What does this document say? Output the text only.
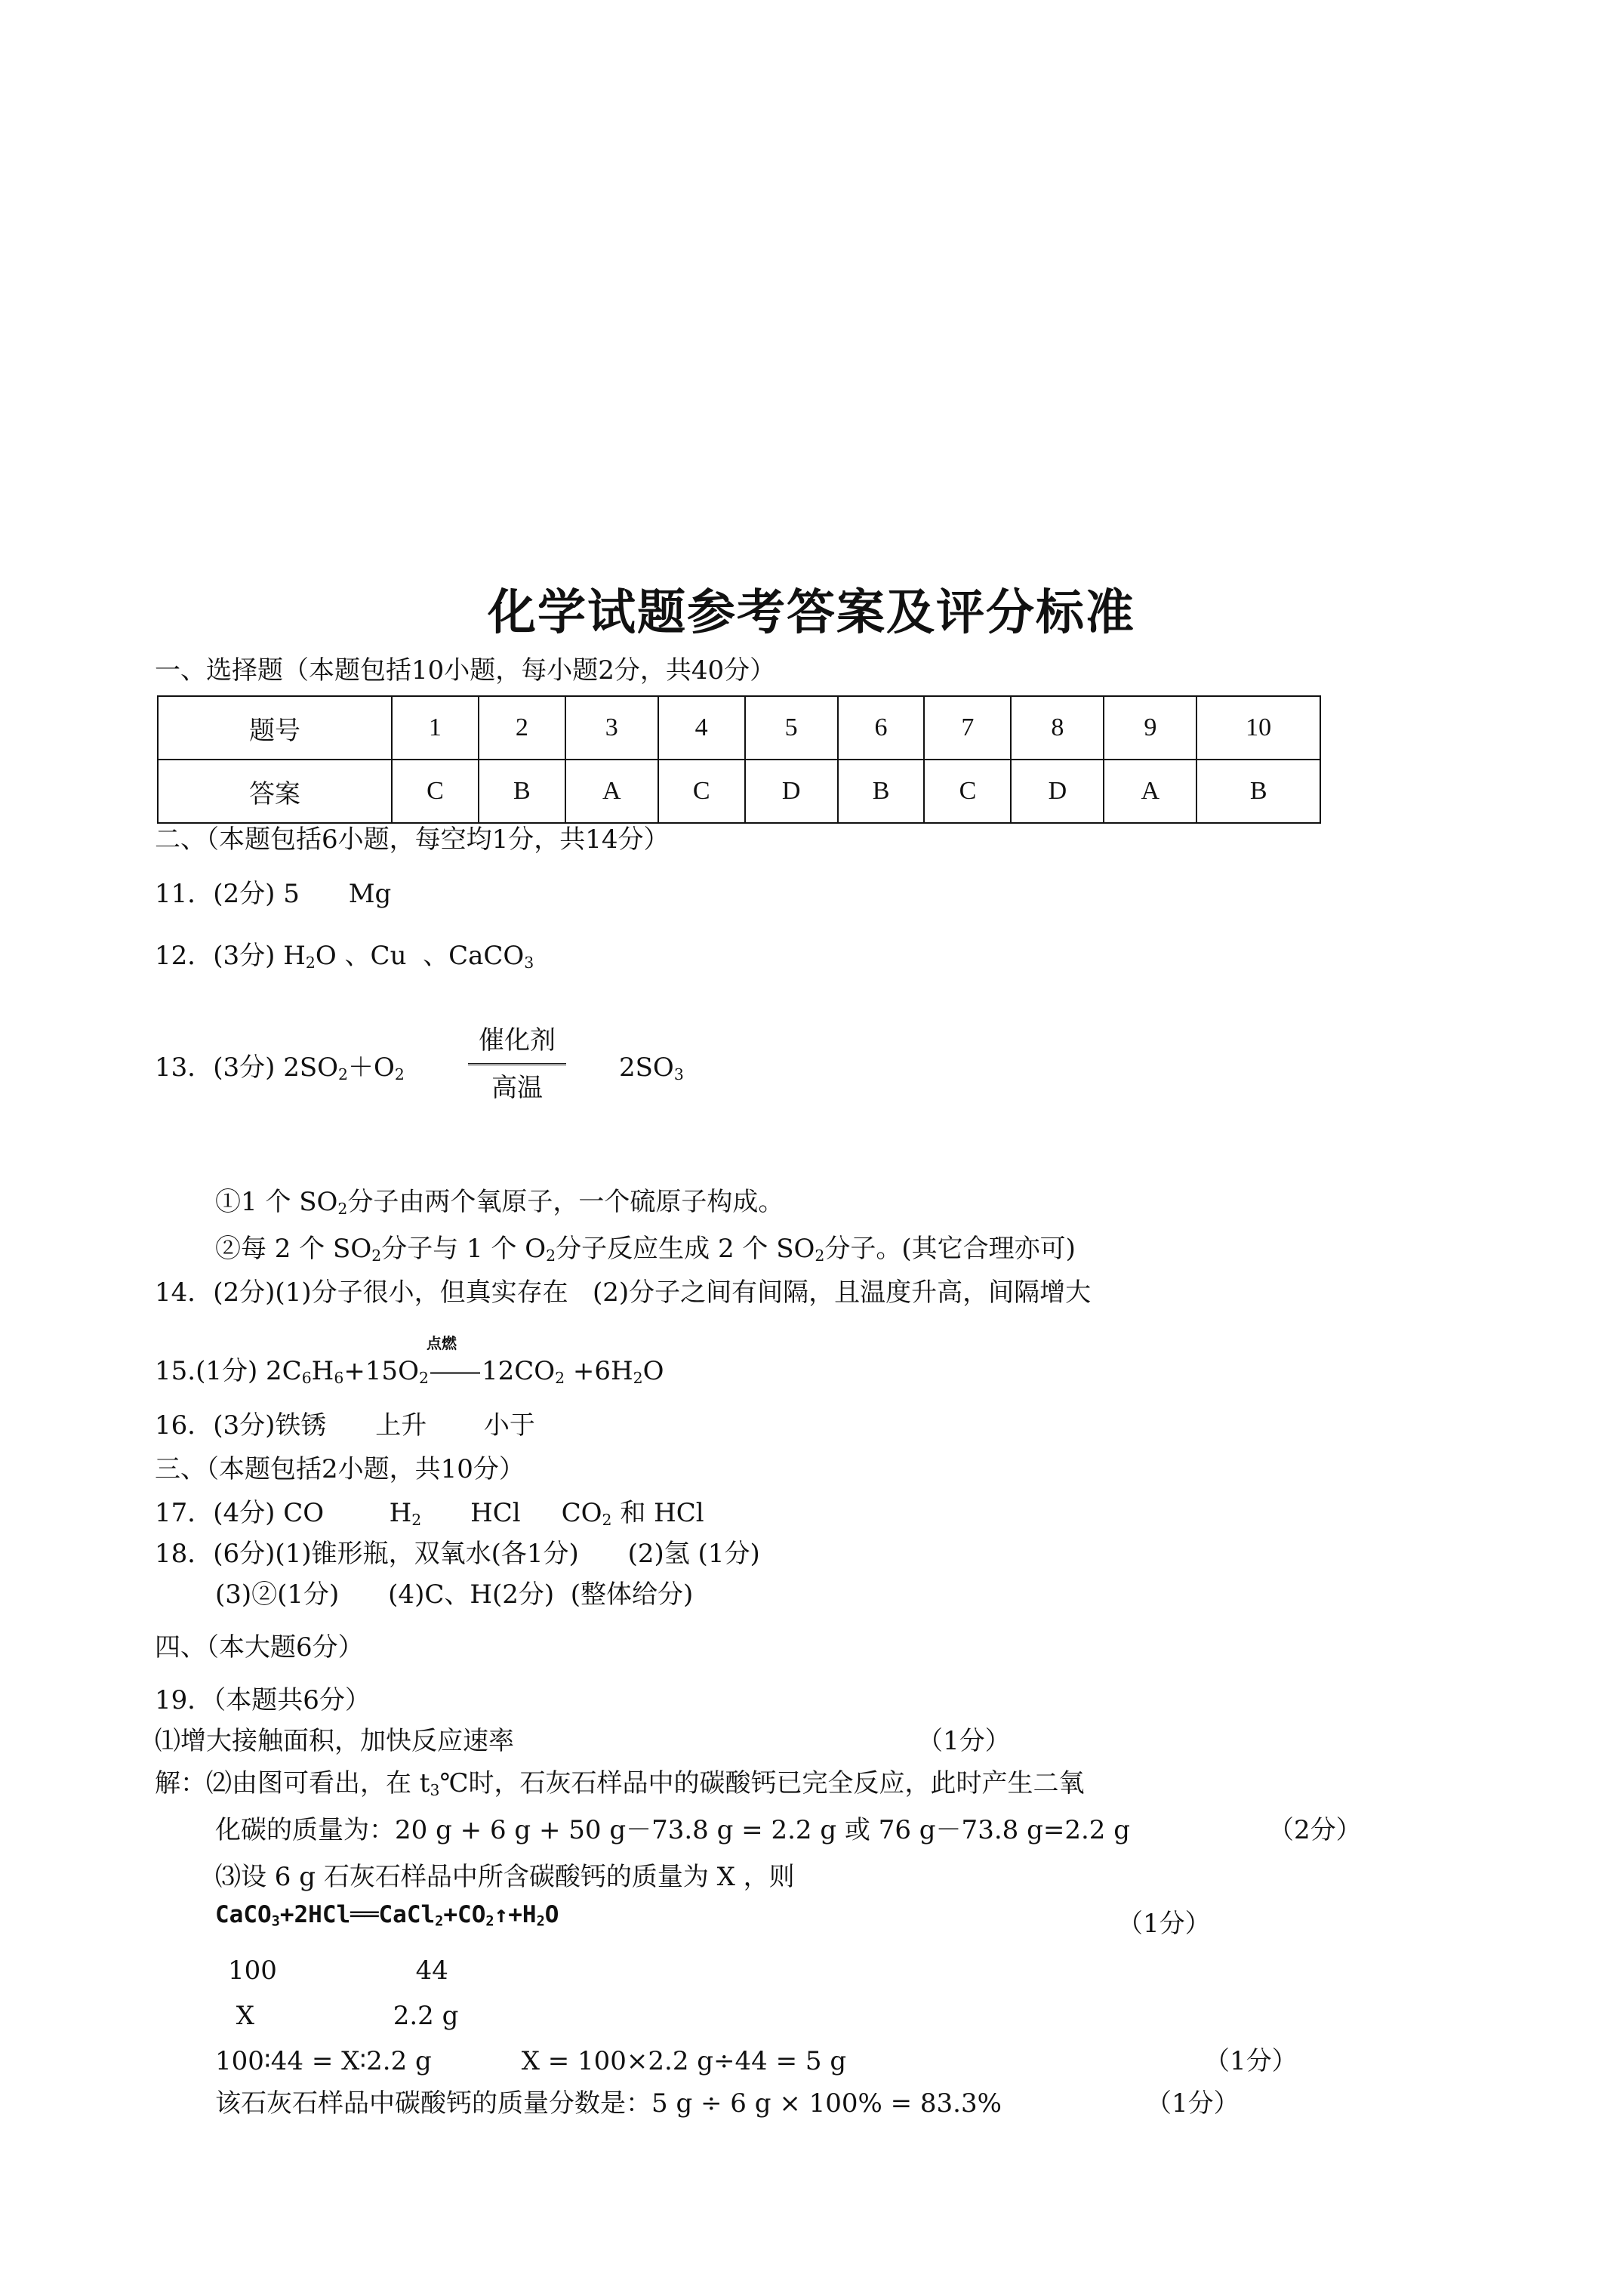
化学试题参考答案及评分标准
一、选择题（本题包括10小题，每小题2分，共40分）
题号	1	2	3	4	5	6	7	8	9	10
答案	C	B	A	C	D	B	C	D	A	B
二、（本题包括6小题，每空均1分，共14分）
11．(2分) 5      Mg
12．(3分) $H_2O$ 、Cu  、CaCO$_3$
13．(3分) $2SO_2+O_2$
催化剂
高温
$2SO_3$
①1 个 $SO_2$分子由两个氧原子，一个硫原子构成。
②每 2 个 $SO_2$分子与 1 个 $O_2$分子反应生成 2 个 $SO_2$分子。(其它合理亦可)
14．(2分)(1)分子很小，但真实存在   (2)分子之间有间隔，且温度升高，间隔增大
点燃
15.(1分) $2C_6H_6+15O_2$ $12CO_2 +6H_2O$
16．(3分)铁锈      上升       小于
三、（本题包括2小题，共10分）
17．(4分) CO        $H_2$      HCl     $CO_2$ 和 HCl
18．(6分)(1)锥形瓶，双氧水(各1分)      (2)氢 (1分)
(3)②(1分)      (4)C、H(2分)  (整体给分)
四、（本大题6分）
19．（本题共6分）
⑴增大接触面积，加快反应速率	（1分）
解：⑵由图可看出，在 $t_3℃$时，石灰石样品中的碳酸钙已完全反应，此时产生二氧
化碳的质量为：20 g + 6 g + 50 g－73.8 g = 2.2 g 或 76 g－73.8 g=2.2 g	（2分）
⑶设 6 g 石灰石样品中所含碳酸钙的质量为 X ，则
$CaCO_3+2HCl══CaCl_2+CO_2↑+H_2O$	（1分）
100                 44
X                 2.2 g
100∶44 = X∶2.2 g           X = 100×2.2 g÷44 = 5 g	（1分）
该石灰石样品中碳酸钙的质量分数是：5 g ÷ 6 g × 100% = 83.3%	（1分）
